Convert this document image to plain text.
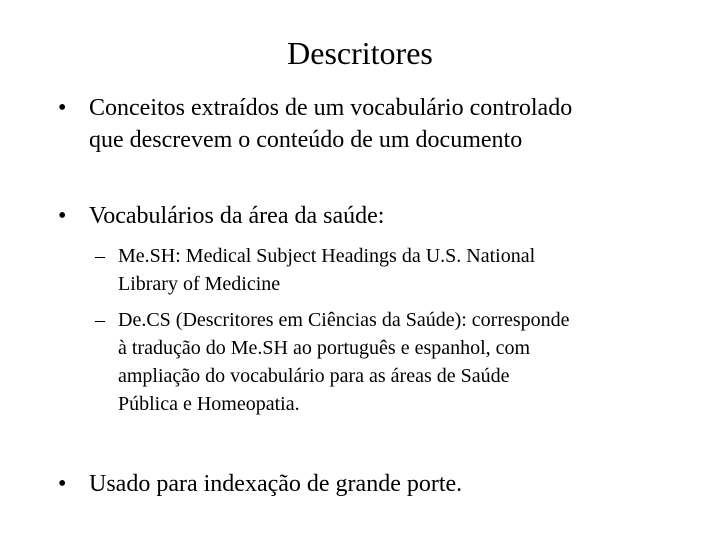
Descritores
• Conceitos extraídos de um vocabulário controlado
que descrevem o conteúdo de um documento
• Vocabulários da área da saúde:
– Me.SH: Medical Subject Headings da U.S. National
Library of Medicine
– De.CS (Descritores em Ciências da Saúde): corresponde
à tradução do Me.SH ao português e espanhol, com
ampliação do vocabulário para as áreas de Saúde
Pública e Homeopatia.
• Usado para indexação de grande porte.
